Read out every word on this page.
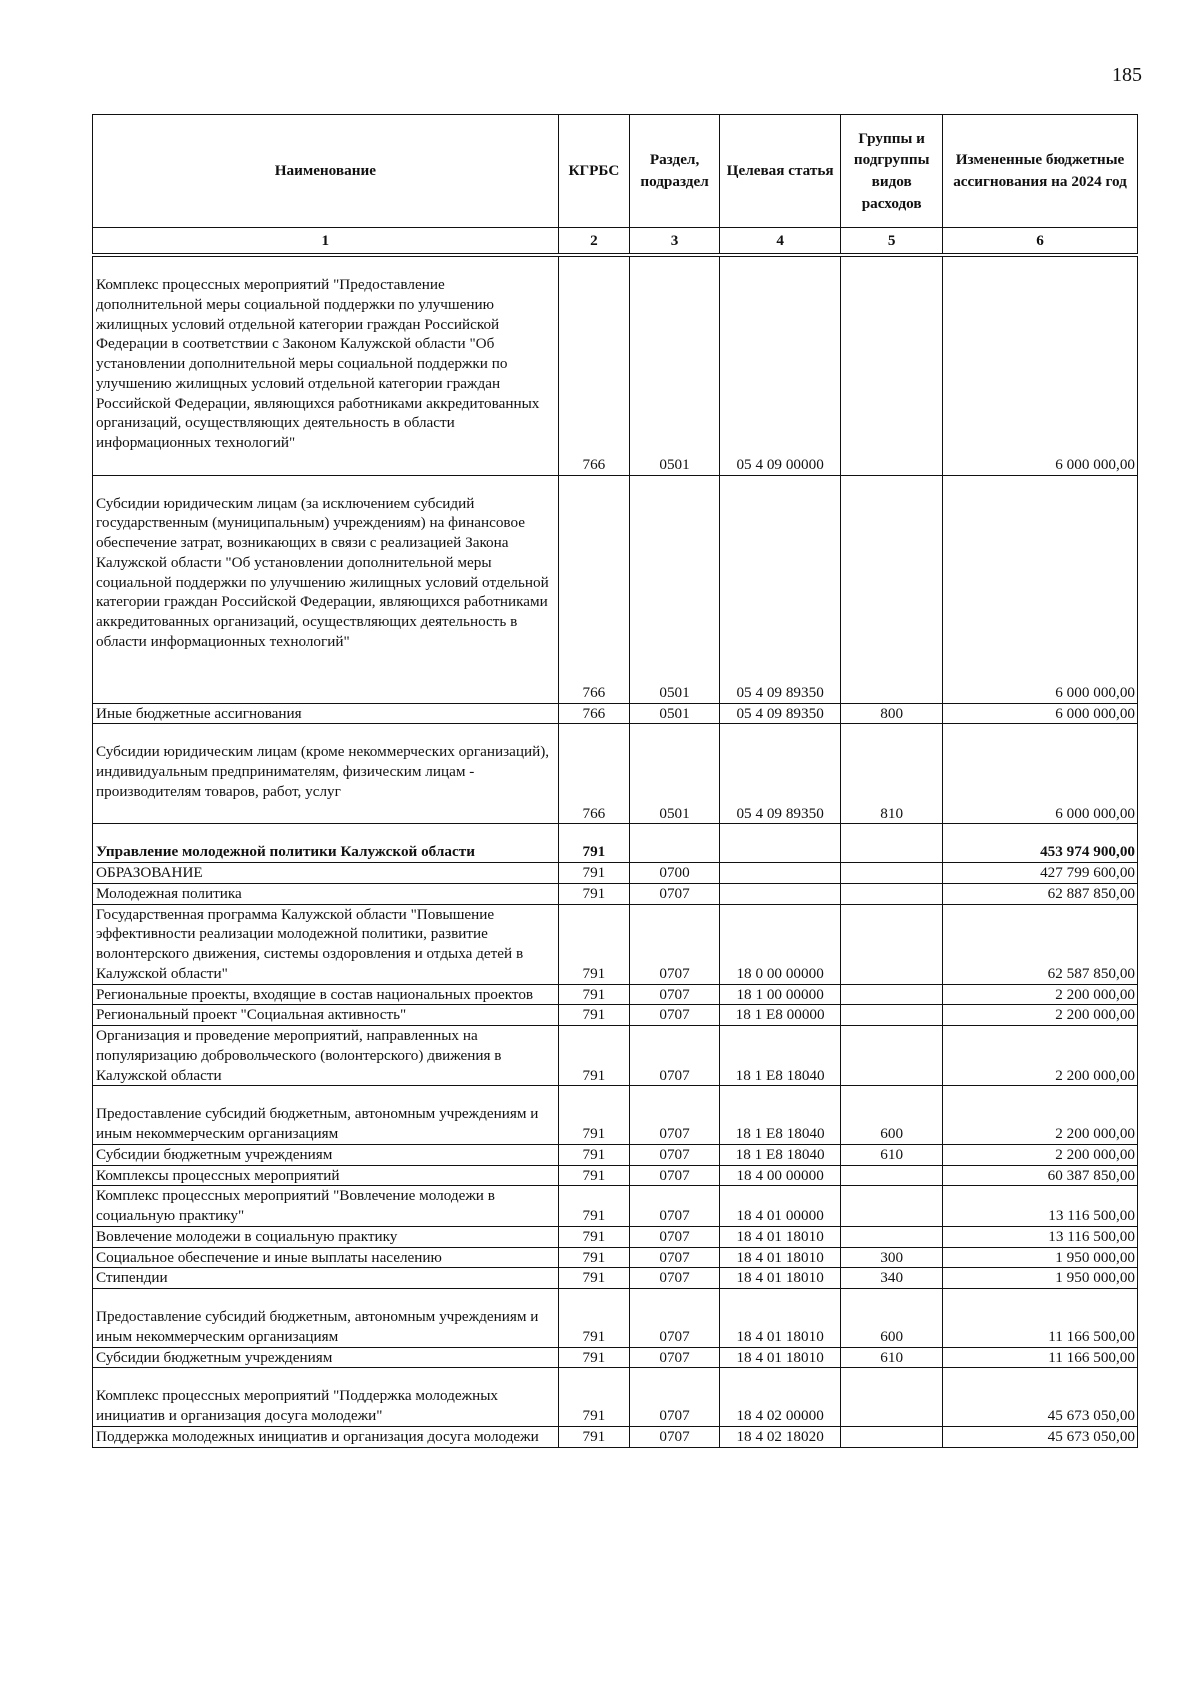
185
Наименование	КГРБС	Раздел, подраздел	Целевая статья	Группы и подгруппы видов расходов	Измененные бюджетные ассигнования на 2024 год
1	2	3	4	5	6
Комплекс процессных мероприятий "Предоставление дополнительной меры социальной поддержки по улучшению жилищных условий отдельной категории граждан Российской Федерации в соответствии с Законом Калужской области "Об установлении дополнительной меры социальной поддержки по улучшению жилищных условий отдельной категории граждан Российской Федерации, являющихся работниками аккредитованных организаций, осуществляющих деятельность в области информационных технологий"	766	0501	05 4 09 00000		6 000 000,00
Субсидии юридическим лицам (за исключением субсидий государственным (муниципальным) учреждениям) на финансовое обеспечение затрат, возникающих в связи с реализацией Закона Калужской области "Об установлении дополнительной меры социальной поддержки по улучшению жилищных условий отдельной категории граждан Российской Федерации, являющихся работниками аккредитованных организаций, осуществляющих деятельность в области информационных технологий"	766	0501	05 4 09 89350		6 000 000,00
Иные бюджетные ассигнования	766	0501	05 4 09 89350	800	6 000 000,00
Субсидии юридическим лицам (кроме некоммерческих организаций), индивидуальным предпринимателям, физическим лицам - производителям товаров, работ, услуг	766	0501	05 4 09 89350	810	6 000 000,00
Управление молодежной политики Калужской области	791				453 974 900,00
ОБРАЗОВАНИЕ	791	0700			427 799 600,00
Молодежная политика	791	0707			62 887 850,00
Государственная программа Калужской области "Повышение эффективности реализации молодежной политики, развитие волонтерского движения, системы оздоровления и отдыха детей в Калужской области"	791	0707	18 0 00 00000		62 587 850,00
Региональные проекты, входящие в состав национальных проектов	791	0707	18 1 00 00000		2 200 000,00
Региональный проект "Социальная активность"	791	0707	18 1 E8 00000		2 200 000,00
Организация и проведение мероприятий, направленных на популяризацию добровольческого (волонтерского) движения в Калужской области	791	0707	18 1 E8 18040		2 200 000,00
Предоставление субсидий бюджетным, автономным учреждениям и иным некоммерческим организациям	791	0707	18 1 E8 18040	600	2 200 000,00
Субсидии бюджетным учреждениям	791	0707	18 1 E8 18040	610	2 200 000,00
Комплексы процессных мероприятий	791	0707	18 4 00 00000		60 387 850,00
Комплекс процессных мероприятий "Вовлечение молодежи в социальную практику"	791	0707	18 4 01 00000		13 116 500,00
Вовлечение молодежи в социальную практику	791	0707	18 4 01 18010		13 116 500,00
Социальное обеспечение и иные выплаты населению	791	0707	18 4 01 18010	300	1 950 000,00
Стипендии	791	0707	18 4 01 18010	340	1 950 000,00
Предоставление субсидий бюджетным, автономным учреждениям и иным некоммерческим организациям	791	0707	18 4 01 18010	600	11 166 500,00
Субсидии бюджетным учреждениям	791	0707	18 4 01 18010	610	11 166 500,00
Комплекс процессных мероприятий "Поддержка молодежных инициатив и организация досуга молодежи"	791	0707	18 4 02 00000		45 673 050,00
Поддержка молодежных инициатив и организация досуга молодежи	791	0707	18 4 02 18020		45 673 050,00
